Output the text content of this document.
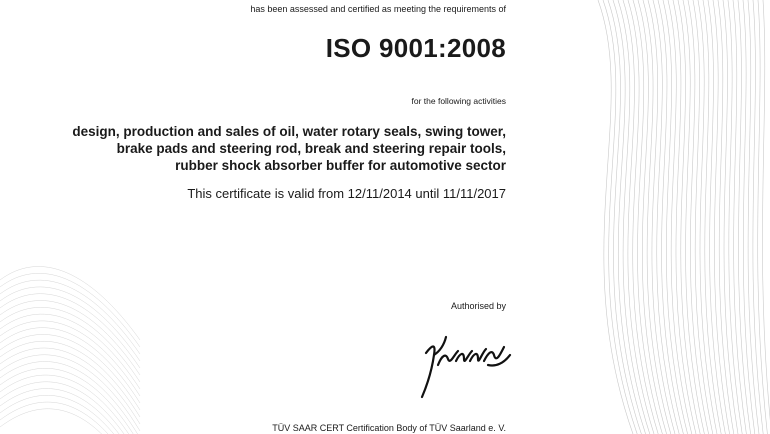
has been assessed and certified as meeting the requirements of
ISO 9001:2008
for the following activities
design, production and sales of oil, water rotary seals, swing tower,
brake pads and steering rod, break and steering repair tools,
rubber shock absorber buffer for automotive sector
This certificate is valid from 12/11/2014 until 11/11/2017
Authorised by
TÜV SAAR CERT Certification Body of TÜV Saarland e. V.
